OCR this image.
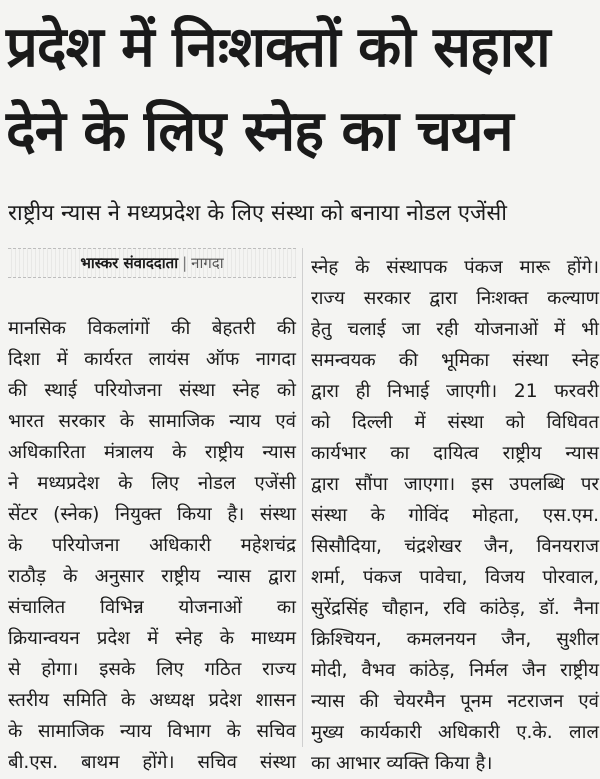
प्रदेश में निःशक्तों को सहारा
देने के लिए स्नेह का चयन
राष्ट्रीय न्यास ने मध्यप्रदेश के लिए संस्था को बनाया नोडल एजेंसी
भास्कर संवाददाता | नागदा
मानसिक विकलांगों की बेहतरी की
दिशा में कार्यरत लायंस ऑफ नागदा
की स्थाई परियोजना संस्था स्नेह को
भारत सरकार के सामाजिक न्याय एवं
अधिकारिता मंत्रालय के राष्ट्रीय न्यास
ने मध्यप्रदेश के लिए नोडल एजेंसी
सेंटर (स्नेक) नियुक्त किया है। संस्था
के परियोजना अधिकारी महेशचंद्र
राठौड़ के अनुसार राष्ट्रीय न्यास द्वारा
संचालित विभिन्न योजनाओं का
क्रियान्वयन प्रदेश में स्नेह के माध्यम
से होगा। इसके लिए गठित राज्य
स्तरीय समिति के अध्यक्ष प्रदेश शासन
के सामाजिक न्याय विभाग के सचिव
बी.एस. बाथम होंगे। सचिव संस्था
स्नेह के संस्थापक पंकज मारू होंगे।
राज्य सरकार द्वारा निःशक्त कल्याण
हेतु चलाई जा रही योजनाओं में भी
समन्वयक की भूमिका संस्था स्नेह
द्वारा ही निभाई जाएगी। 21 फरवरी
को दिल्ली में संस्था को विधिवत
कार्यभार का दायित्व राष्ट्रीय न्यास
द्वारा सौंपा जाएगा। इस उपलब्धि पर
संस्था के गोविंद मोहता, एस.एम.
सिसौदिया, चंद्रशेखर जैन, विनयराज
शर्मा, पंकज पावेचा, विजय पोरवाल,
सुरेंद्रसिंह चौहान, रवि कांठेड़, डॉ. नैना
क्रिश्चियन, कमलनयन जैन, सुशील
मोदी, वैभव कांठेड़, निर्मल जैन राष्ट्रीय
न्यास की चेयरमैन पूनम नटराजन एवं
मुख्य कार्यकारी अधिकारी ए.के. लाल
का आभार व्यक्ति किया है।
